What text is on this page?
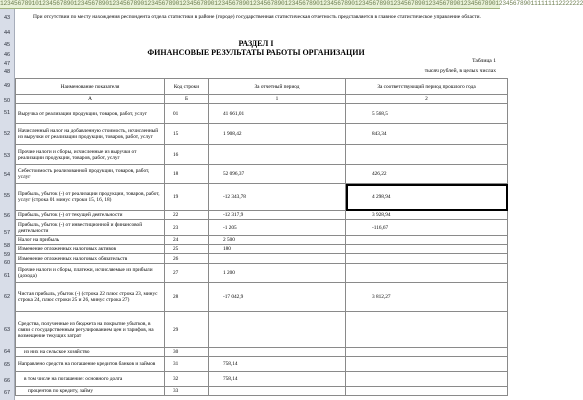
1234567891012345678901234567890123456789012345678901234567890123456789012345678901234567890123456789012345678901234567890123456789012345678901234567890111111112222222
43
44
45
46
47
48
49
50
51
52
53
54
55
56
57
58
59
60
61
62
63
64
65
66
67
При отсутствии по месту нахождения респондента отдела статистики в районе (городе) государственная статистическая отчетность представляется в главное статистическое управление области.
РАЗДЕЛ I
ФИНАНСОВЫЕ РЕЗУЛЬТАТЫ РАБОТЫ ОРГАНИЗАЦИИ
Таблица 1
тысяч рублей, в целых числах
Наименование показателя	Код строки	За отчетный период	За соответствующий период прошлого года
А	Б	1	2
Выручка от реализации продукции, товаров, работ, услуг	01	41 661,01	5 568,5
Начисленный налог на добавленную стоимость, исчисленный из выручки от реализации продукции, товаров, работ, услуг	15	1 908,42	843,34
Прочие налоги и сборы, исчисленные из выручки от реализации продукции, товаров, работ, услуг	16		
Себестоимость реализованной продукции, товаров, работ, услуг	18	52 096,37	426,22
Прибыль, убыток (-) от реализации продукции, товаров, работ, услуг (строка 01 минус строки 15, 16, 18)	19	-12 343,78	4 298,94
Прибыль, убыток (-) от текущей деятельности	22	-12 317,9	3 928,94
Прибыль, убыток (-) от инвестиционной и финансовой деятельности	23	-1 205	-116,67
Налог на прибыль	24	2 500	
Изменение отложенных налоговых активов	25	180	
Изменение отложенных налоговых обязательств	26		
Прочие налоги и сборы, платежи, исчисляемые из прибыли (дохода)	27	1 200	
Чистая прибыль, убыток (-) (строка 22 плюс строка 23, минус строка 24, плюс строки 25 и 26, минус строка 27)	28	-17 042,9	3 812,27
Средства, полученные из бюджета на покрытие убытков, в связи с государственным регулированием цен и тарифов, на возмещение текущих затрат	29		
из них на сельское хозяйство	30		
Направлено средств на погашение кредитов банков и займов	31	758,14	
в том числе на погашение: основного долга	32	758,14	
процентов по кредиту, займу	33		
